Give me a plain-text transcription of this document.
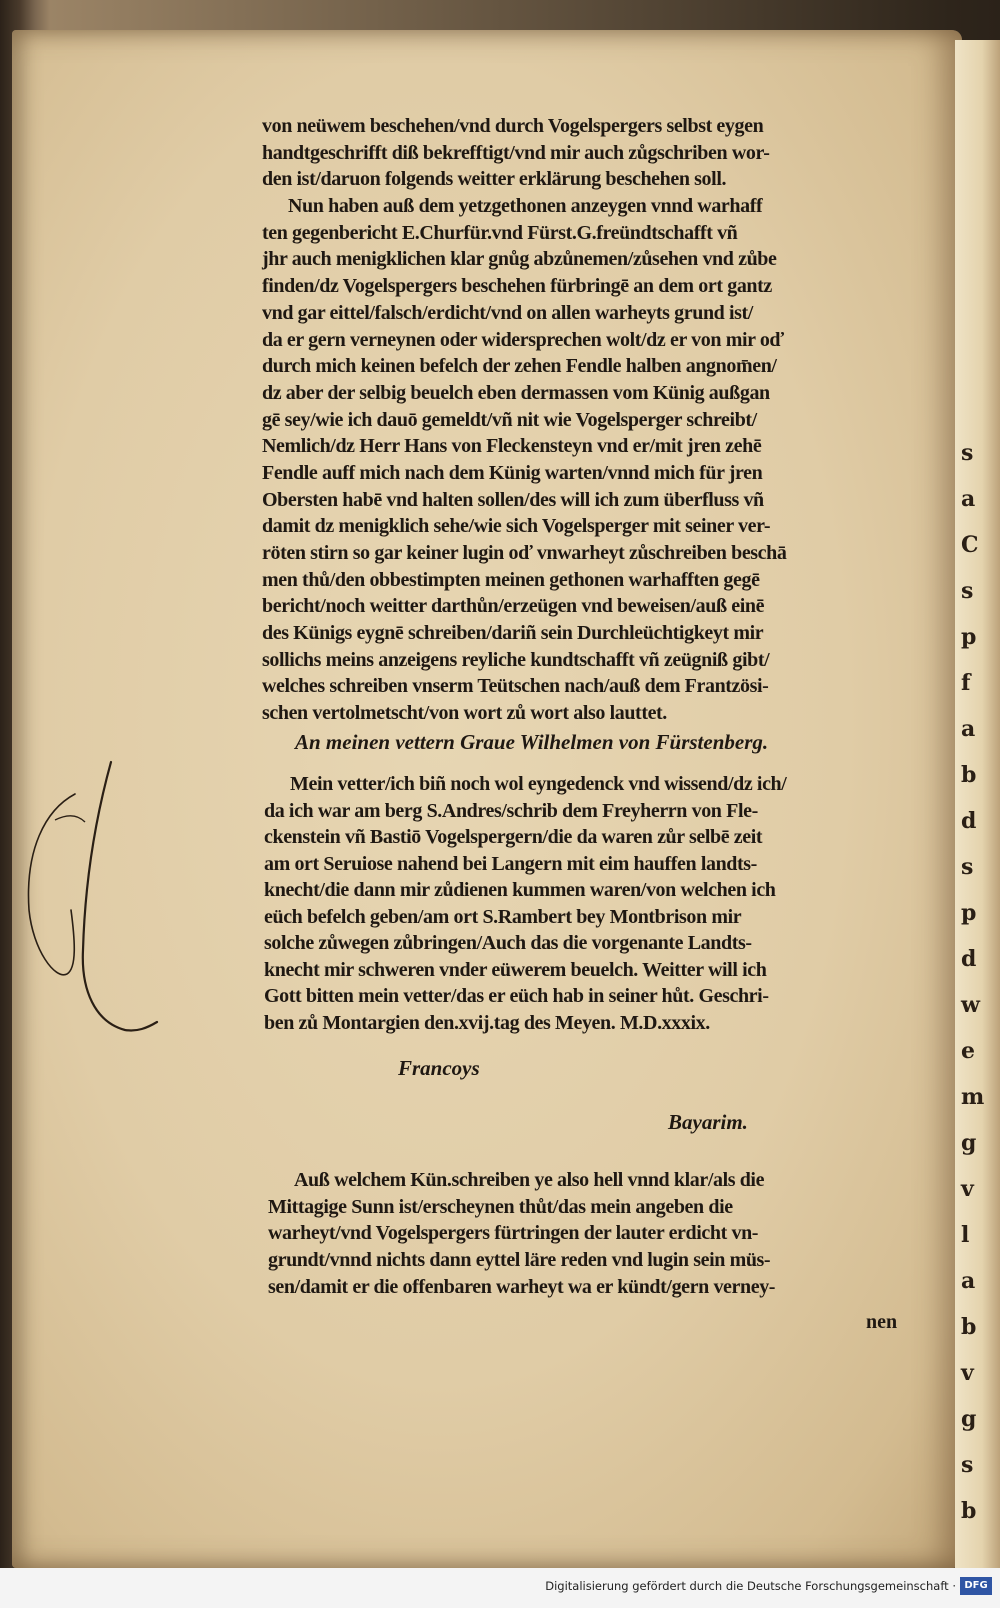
s
a
C
s
p
f
a
b
d
s
p
d
w
e
m
g
v
l
a
b
v
g
s
b
von neüwem beschehen/vnd durch Vogelspergers selbst eygen
handtgeschrifft diß bekrefftigt/vnd mir auch zůgschriben wor-
den ist/daruon folgends weitter erklärung beschehen soll.
Nun haben auß dem yetzgethonen anzeygen vnnd warhaff
ten gegenbericht E.Churfür.vnd Fürst.G.freündtschafft vñ
jhr auch menigklichen klar gnůg abzůnemen/zůsehen vnd zůbe
finden/dz Vogelspergers beschehen fürbringē an dem ort gantz
vnd gar eittel/falsch/erdicht/vnd on allen warheyts grund ist/
da er gern verneynen oder widersprechen wolt/dz er von mir oď
durch mich keinen befelch der zehen Fendle halben angnom̄en/
dz aber der selbig beuelch eben dermassen vom Künig außgan
gē sey/wie ich dauō gemeldt/vñ nit wie Vogelsperger schreibt/
Nemlich/dz Herr Hans von Fleckensteyn vnd er/mit jren zehē
Fendle auff mich nach dem Künig warten/vnnd mich für jren
Obersten habē vnd halten sollen/des will ich zum überfluss vñ
damit dz menigklich sehe/wie sich Vogelsperger mit seiner ver-
röten stirn so gar keiner lugin oď vnwarheyt zůschreiben beschā
men thů/den obbestimpten meinen gethonen warhafften gegē
bericht/noch weitter darthůn/erzeügen vnd beweisen/auß einē
des Künigs eygnē schreiben/dariñ sein Durchleüchtigkeyt mir
sollichs meins anzeigens reyliche kundtschafft vñ zeügniß gibt/
welches schreiben vnserm Teütschen nach/auß dem Frantzösi-
schen vertolmetscht/von wort zů wort also lauttet.
An meinen vettern Graue Wilhelmen von Fürstenberg.
Mein vetter/ich biñ noch wol eyngedenck vnd wissend/dz ich/
da ich war am berg S.Andres/schrib dem Freyherrn von Fle-
ckenstein vñ Bastiō Vogelspergern/die da waren zůr selbē zeit
am ort Seruiose nahend bei Langern mit eim hauffen landts-
knecht/die dann mir zůdienen kummen waren/von welchen ich
eüch befelch geben/am ort S.Rambert bey Montbrison mir
solche zůwegen zůbringen/Auch das die vorgenante Landts-
knecht mir schweren vnder eüwerem beuelch. Weitter will ich
Gott bitten mein vetter/das er eüch hab in seiner hůt. Geschri-
ben zů Montargien den.xvij.tag des Meyen. M.D.xxxix.
Francoys
Bayarim.
Auß welchem Kün.schreiben ye also hell vnnd klar/als die
Mittagige Sunn ist/erscheynen thůt/das mein angeben die
warheyt/vnd Vogelspergers fürtringen der lauter erdicht vn-
grundt/vnnd nichts dann eyttel läre reden vnd lugin sein müs-
sen/damit er die offenbaren warheyt wa er kündt/gern verney-
nen
Digitalisierung gefördert durch die Deutsche Forschungsgemeinschaft · DFG
